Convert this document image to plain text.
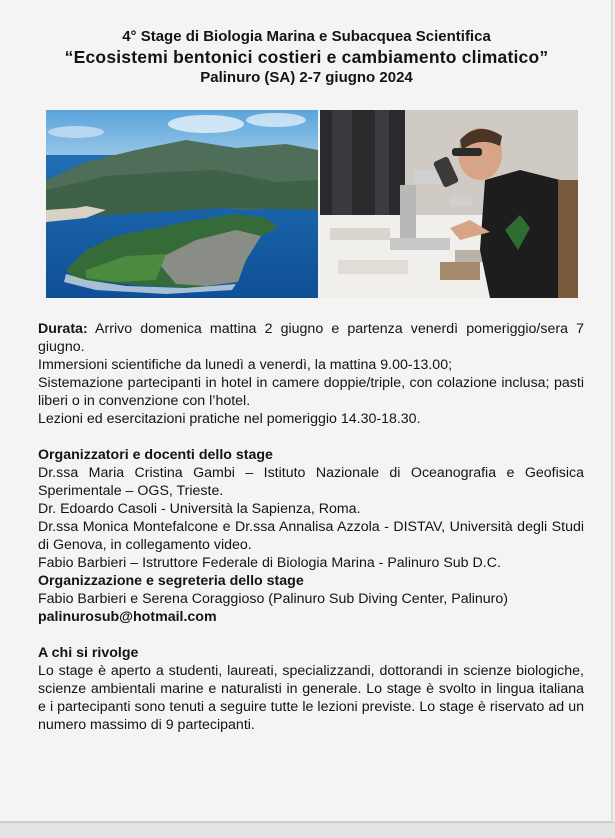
4° Stage di Biologia Marina e Subacquea Scientifica
“Ecosistemi bentonici costieri e cambiamento climatico”
Palinuro (SA) 2-7 giugno 2024

Durata: Arrivo domenica mattina 2 giugno e partenza venerdì pomeriggio/sera 7 giugno.

Immersioni scientifiche da lunedì a venerdì, la mattina 9.00-13.00;

Sistemazione partecipanti in hotel in camere doppie/triple, con colazione inclusa; pasti liberi o in convenzione con l’hotel.

Lezioni ed esercitazioni pratiche nel pomeriggio 14.30-18.30.

Organizzatori e docenti dello stage

Dr.ssa Maria Cristina Gambi – Istituto Nazionale di Oceanografia e Geofisica Sperimentale – OGS, Trieste.

Dr. Edoardo Casoli - Università la Sapienza, Roma.

Dr.ssa Monica Montefalcone e Dr.ssa Annalisa Azzola - DISTAV, Università degli Studi di Genova, in collegamento video.

Fabio Barbieri – Istruttore Federale di Biologia Marina - Palinuro Sub D.C.

Organizzazione e segreteria dello stage

Fabio Barbieri e Serena Coraggioso (Palinuro Sub Diving Center, Palinuro)

palinurosub@hotmail.com

A chi si rivolge

Lo stage è aperto a studenti, laureati, specializzandi, dottorandi in scienze biologiche, scienze ambientali marine e naturalisti in generale. Lo stage è svolto in lingua italiana e i partecipanti sono tenuti a seguire tutte le lezioni previste. Lo stage è riservato ad un numero massimo di 9 partecipanti.
